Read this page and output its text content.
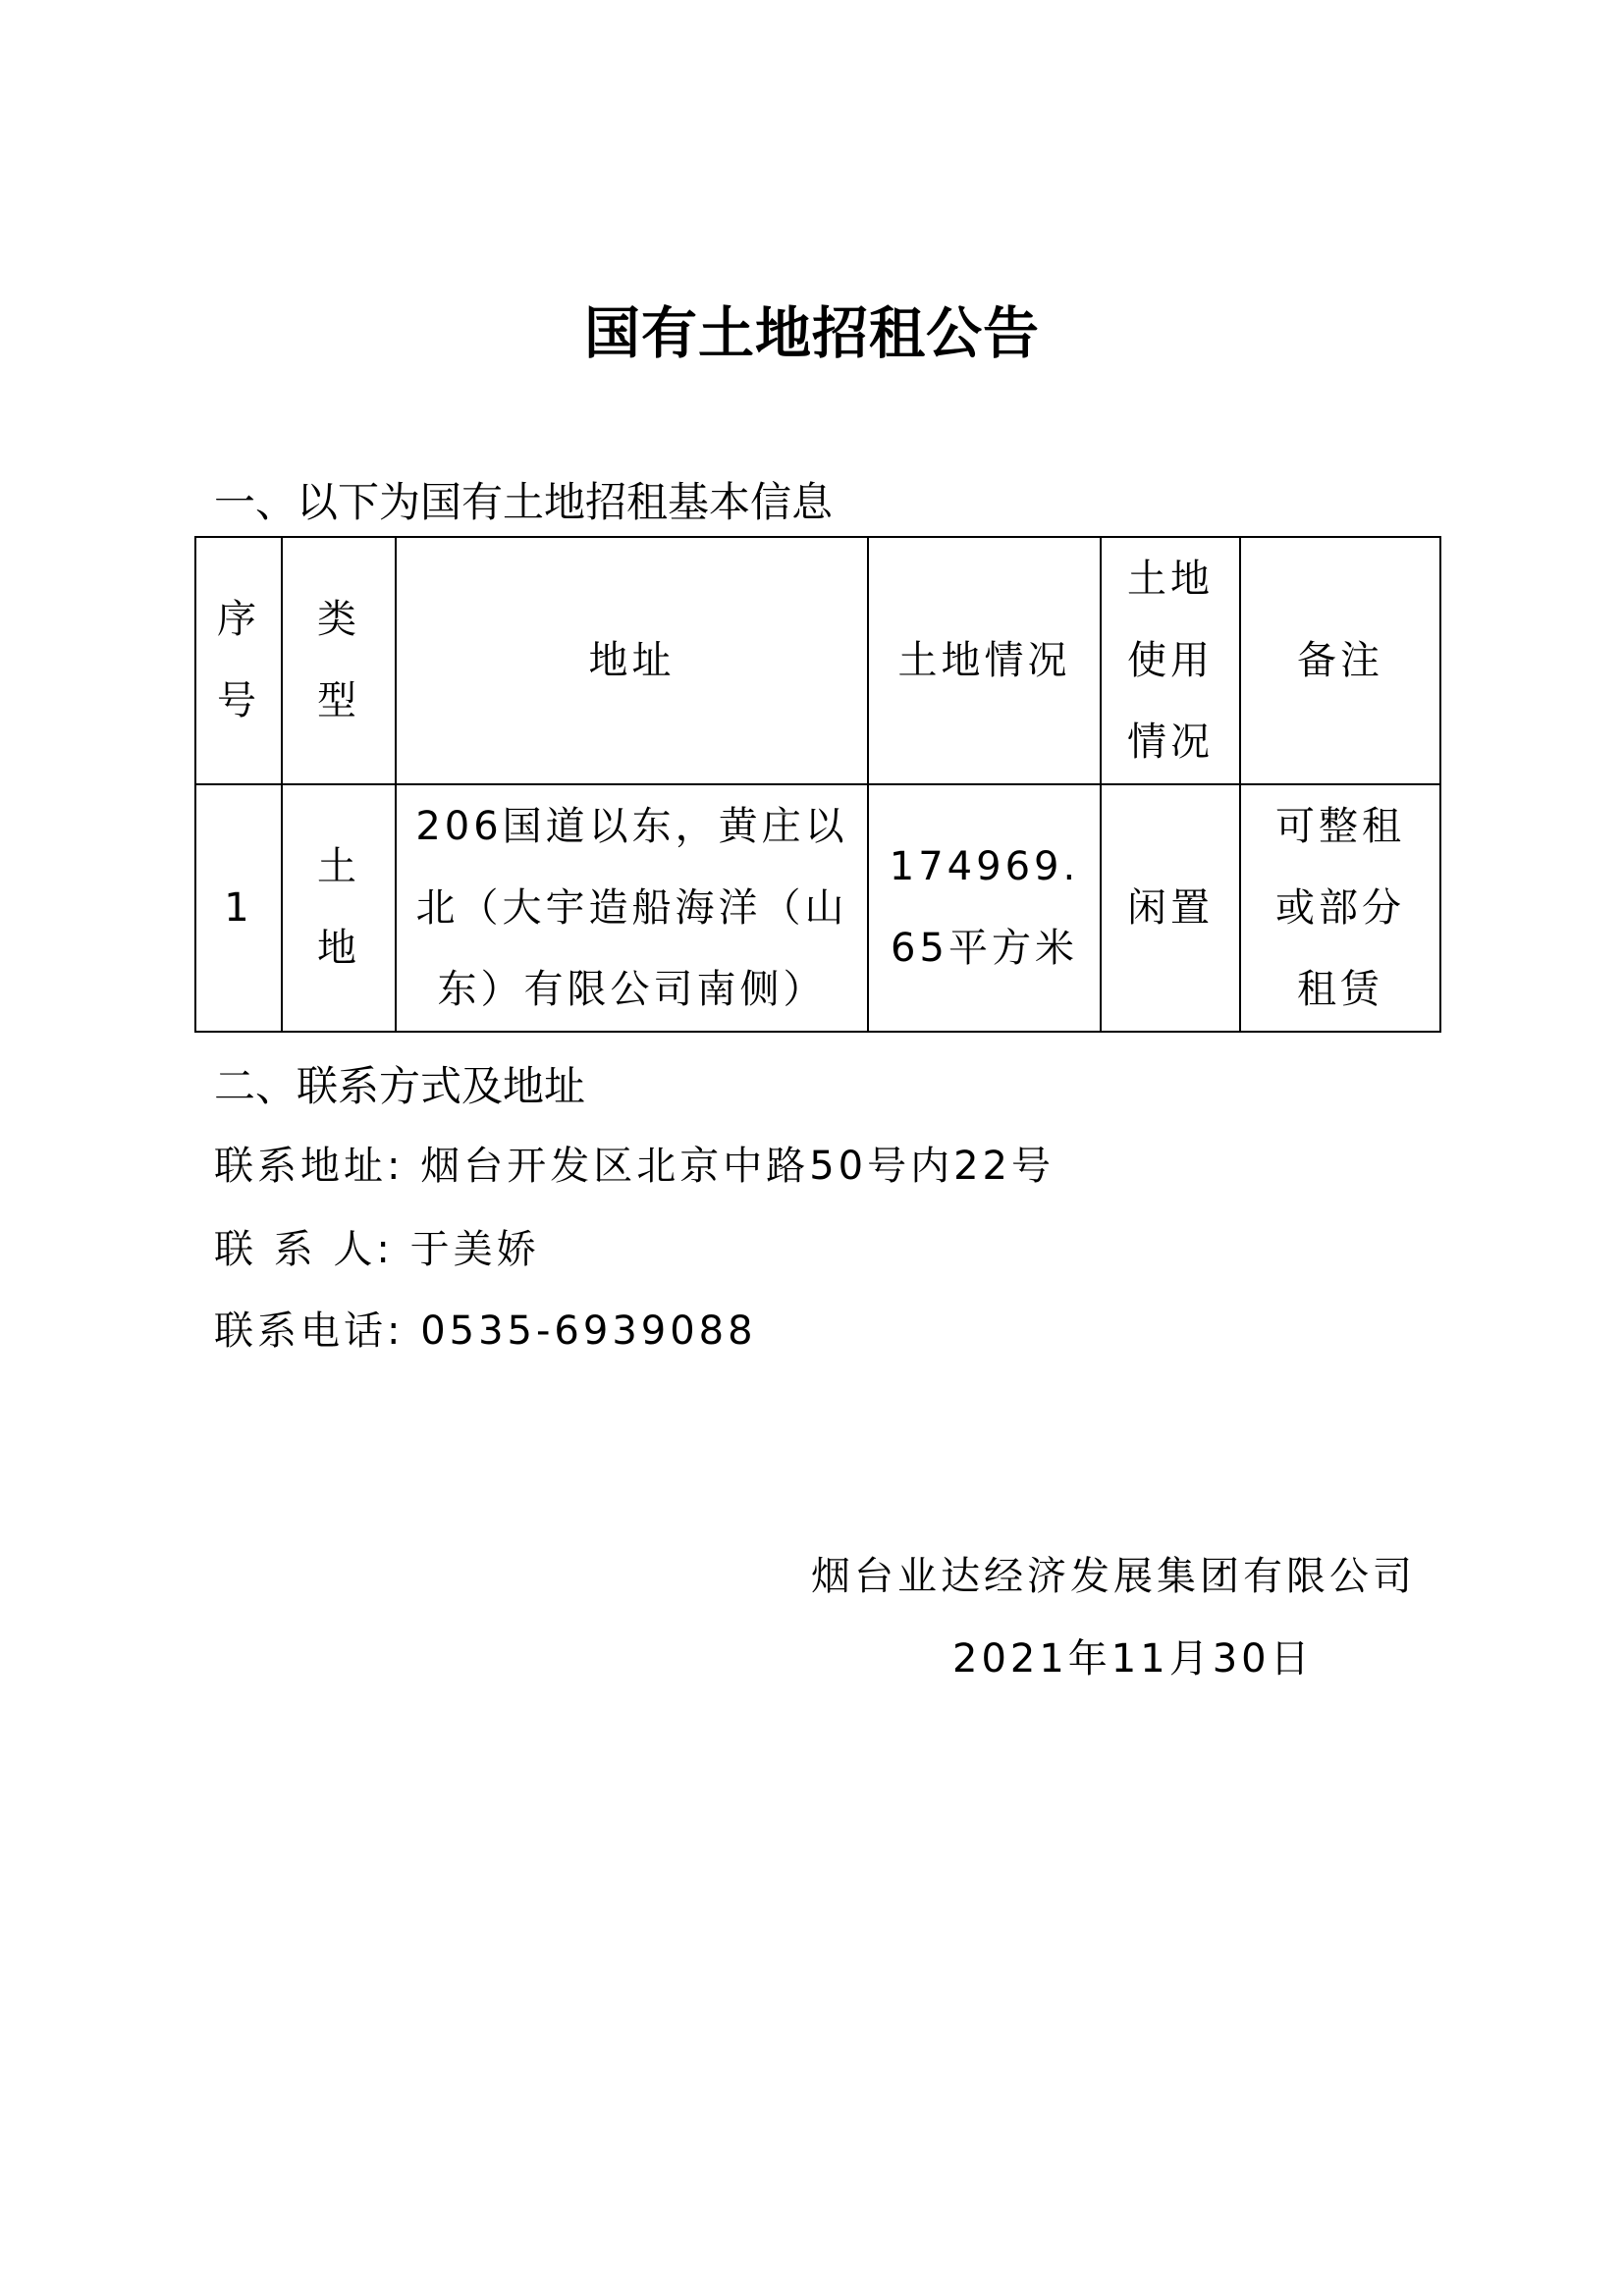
国有土地招租公告
一、以下为国有土地招租基本信息
序号	类型	地址	土地情况	土地使用情况	备注
1	土地	206国道以东，黄庄以北（大宇造船海洋（山东）有限公司南侧）	174969.65平方米	闲置	可整租或部分租赁
二、联系方式及地址
联系地址: 烟台开发区北京中路50号内22号
联 系 人: 于美娇
联系电话: 0535-6939088
烟台业达经济发展集团有限公司
2021年11月30日
